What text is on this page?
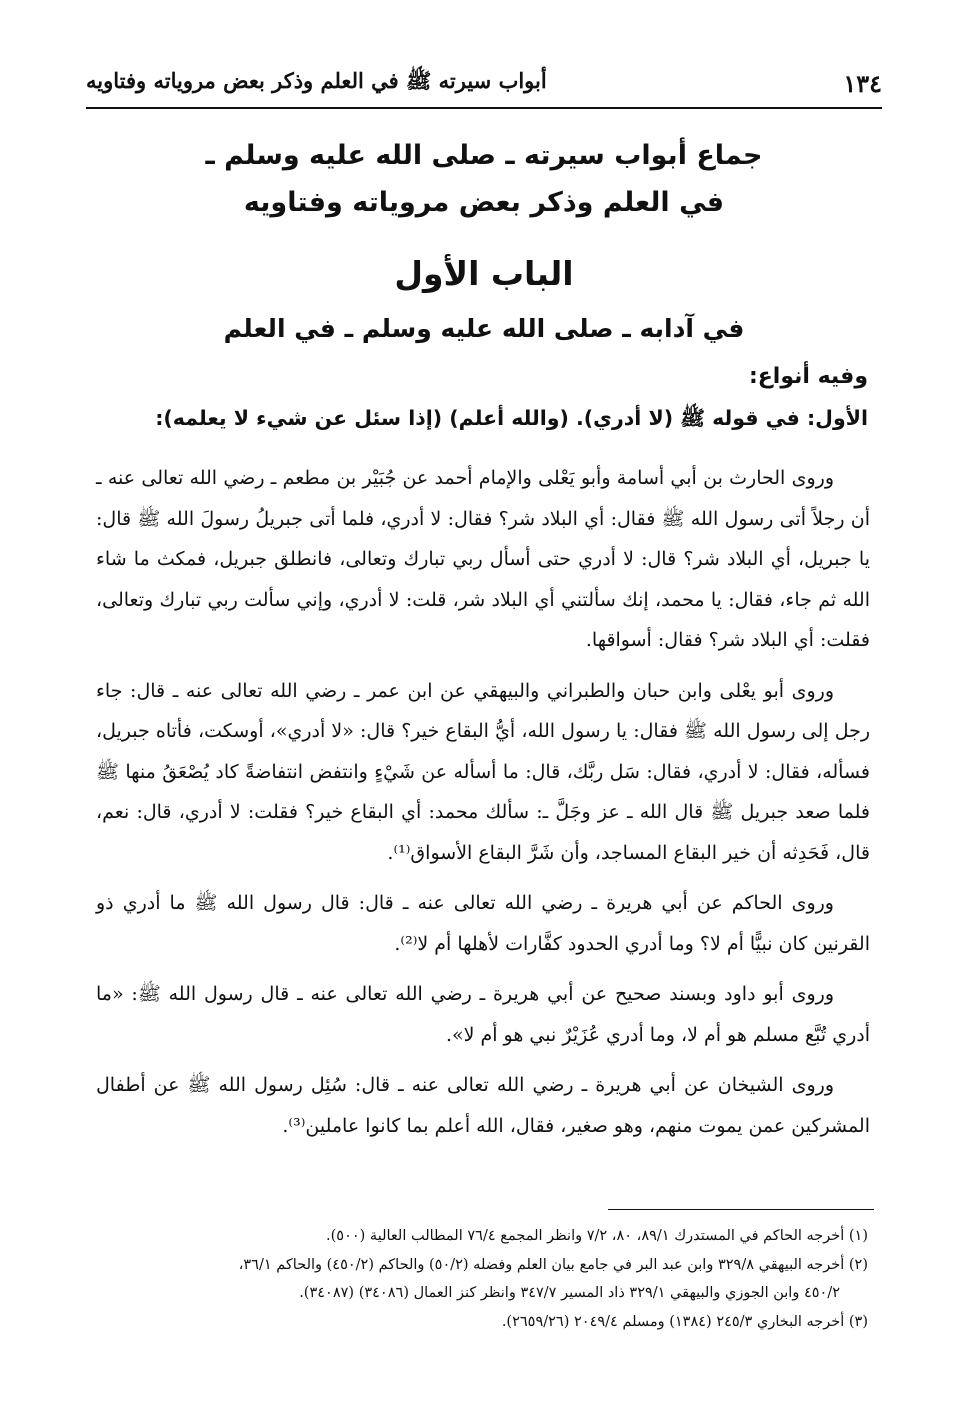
١٣٤
أبواب سيرته ﷺ في العلم وذكر بعض مروياته وفتاويه
جماع أبواب سيرته ـ صلى الله عليه وسلم ـ
في العلم وذكر بعض مروياته وفتاويه
الباب الأول
في آدابه ـ صلى الله عليه وسلم ـ في العلم
وفيه أنواع:
الأول: في قوله ﷺ (لا أدري). (والله أعلم) (إذا سئل عن شيء لا يعلمه):

وروى الحارث بن أبي أسامة وأبو يَعْلى والإمام أحمد عن جُبَيْر بن مطعم ـ رضي الله تعالى عنه ـ أن رجلاً أتى رسول الله ﷺ فقال: أي البلاد شر؟ فقال: لا أدري، فلما أتى جبريلُ رسولَ الله ﷺ قال: يا جبريل، أي البلاد شر؟ قال: لا أدري حتى أسأل ربي تبارك وتعالى، فانطلق جبريل، فمكث ما شاء الله ثم جاء، فقال: يا محمد، إنك سألتني أي البلاد شر، قلت: لا أدري، وإني سألت ربي تبارك وتعالى، فقلت: أي البلاد شر؟ فقال: أسواقها.

وروى أبو يعْلى وابن حبان والطبراني والبيهقي عن ابن عمر ـ رضي الله تعالى عنه ـ قال: جاء رجل إلى رسول الله ﷺ فقال: يا رسول الله، أيُّ البقاع خير؟ قال: «لا أدري»، أوسكت، فأتاه جبريل، فسأله، فقال: لا أدري، فقال: سَل ربَّك، قال: ما أسأله عن شَيْءٍ وانتفض انتفاضةً كاد يُصْعَقُ منها ﷺ فلما صعد جبريل ﷺ قال الله ـ عز وجَلَّ ـ: سألك محمد: أي البقاع خير؟ فقلت: لا أدري، قال: نعم، قال، فَحَدِثه أن خير البقاع المساجد، وأن شَرَّ البقاع الأسواق⁽¹⁾.

وروى الحاكم عن أبي هريرة ـ رضي الله تعالى عنه ـ قال: قال رسول الله ﷺ ما أدري ذو القرنين كان نبيًّا أم لا؟ وما أدري الحدود كفَّارات لأهلها أم لا⁽²⁾.

وروى أبو داود وبسند صحيح عن أبي هريرة ـ رضي الله تعالى عنه ـ قال رسول الله ﷺ: «ما أدري تُبَّع مسلم هو أم لا، وما أدري عُزَيْرٌ نبي هو أم لا».

وروى الشيخان عن أبي هريرة ـ رضي الله تعالى عنه ـ قال: سُئِل رسول الله ﷺ عن أطفال المشركين عمن يموت منهم، وهو صغير، فقال، الله أعلم بما كانوا عاملين⁽³⁾.

(١) أخرجه الحاكم في المستدرك ٨٩/١، ٨٠، ٧/٢ وانظر المجمع ٧٦/٤ المطالب العالية (٥٠٠).

(٢) أخرجه البيهقي ٣٢٩/٨ وابن عبد البر في جامع بيان العلم وفضله (٥٠/٢) والحاكم (٤٥٠/٢) والحاكم ٣٦/١،

٤٥٠/٢ وابن الجوزي والبيهقي ٣٢٩/١ ذاد المسير ٣٤٧/٧ وانظر كنز العمال (٣٤٠٨٦) (٣٤٠٨٧).

(٣) أخرجه البخاري ٢٤٥/٣ (١٣٨٤) ومسلم ٢٠٤٩/٤ (٢٦٥٩/٢٦).
